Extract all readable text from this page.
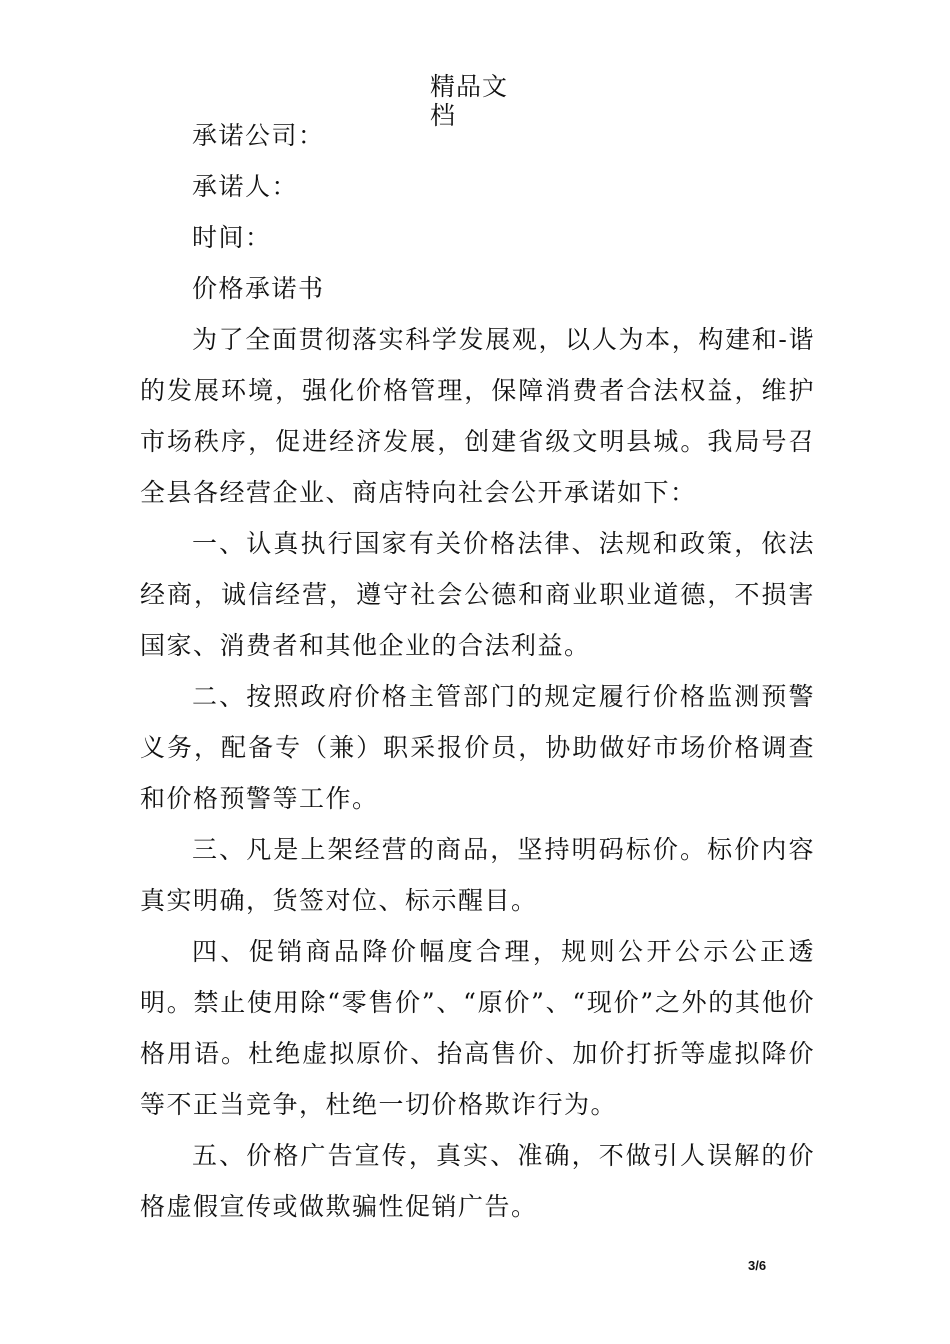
精品文档

承诺公司：

承诺人：

时间：

价格承诺书

为了全面贯彻落实科学发展观，以人为本，构建和-谐的发展环境，强化价格管理，保障消费者合法权益，维护市场秩序，促进经济发展，创建省级文明县城。我局号召全县各经营企业、商店特向社会公开承诺如下：

一、认真执行国家有关价格法律、法规和政策，依法经商，诚信经营，遵守社会公德和商业职业道德，不损害国家、消费者和其他企业的合法利益。

二、按照政府价格主管部门的规定履行价格监测预警义务，配备专（兼）职采报价员，协助做好市场价格调查和价格预警等工作。

三、凡是上架经营的商品，坚持明码标价。标价内容真实明确，货签对位、标示醒目。

四、促销商品降价幅度合理，规则公开公示公正透明。禁止使用除“零售价”、“原价”、“现价”之外的其他价格用语。杜绝虚拟原价、抬高售价、加价打折等虚拟降价等不正当竞争，杜绝一切价格欺诈行为。

五、价格广告宣传，真实、准确，不做引人误解的价格虚假宣传或做欺骗性促销广告。

3/6
